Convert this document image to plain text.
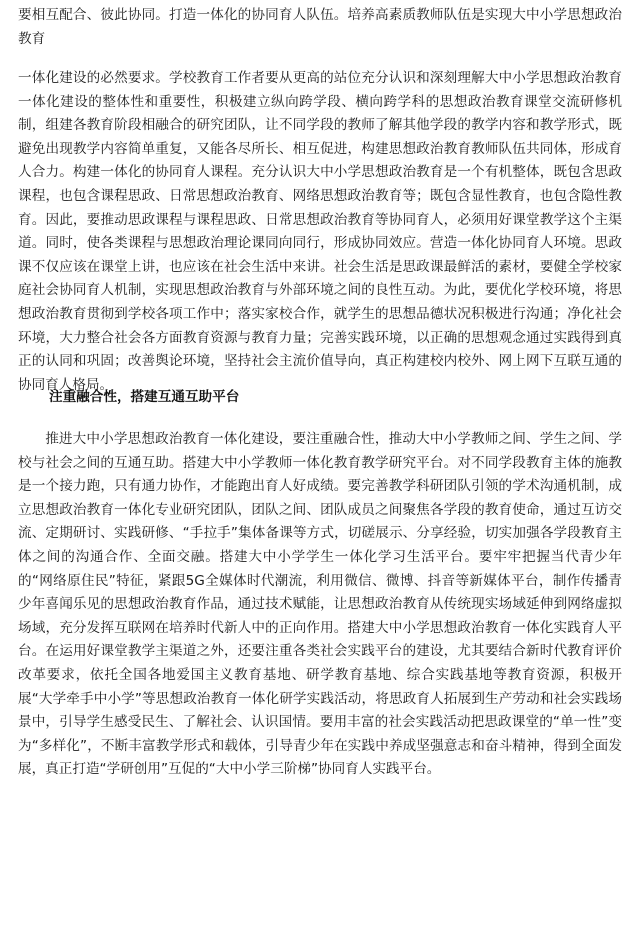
要相互配合、彼此协同。打造一体化的协同育人队伍。培养高素质教师队伍是实现大中小学思想政治教育

一体化建设的必然要求。学校教育工作者要从更高的站位充分认识和深刻理解大中小学思想政治教育一体化建设的整体性和重要性，积极建立纵向跨学段、横向跨学科的思想政治教育课堂交流研修机制，组建各教育阶段相融合的研究团队，让不同学段的教师了解其他学段的教学内容和教学形式，既避免出现教学内容简单重复，又能各尽所长、相互促进，构建思想政治教育教师队伍共同体，形成育人合力。构建一体化的协同育人课程。充分认识大中小学思想政治教育是一个有机整体，既包含思政课程，也包含课程思政、日常思想政治教育、网络思想政治教育等；既包含显性教育，也包含隐性教育。因此，要推动思政课程与课程思政、日常思想政治教育等协同育人，必须用好课堂教学这个主渠道。同时，使各类课程与思想政治理论课同向同行，形成协同效应。营造一体化协同育人环境。思政课不仅应该在课堂上讲，也应该在社会生活中来讲。社会生活是思政课最鲜活的素材，要健全学校家庭社会协同育人机制，实现思想政治教育与外部环境之间的良性互动。为此，要优化学校环境，将思想政治教育贯彻到学校各项工作中；落实家校合作，就学生的思想品德状况积极进行沟通；净化社会环境，大力整合社会各方面教育资源与教育力量；完善实践环境，以正确的思想观念通过实践得到真正的认同和巩固；改善舆论环境，坚持社会主流价值导向，真正构建校内校外、网上网下互联互通的协同育人格局。

注重融合性，搭建互通互助平台

推进大中小学思想政治教育一体化建设，要注重融合性，推动大中小学教师之间、学生之间、学校与社会之间的互通互助。搭建大中小学教师一体化教育教学研究平台。对不同学段教育主体的施教是一个接力跑，只有通力协作，才能跑出育人好成绩。要完善教学科研团队引领的学术沟通机制，成立思想政治教育一体化专业研究团队，团队之间、团队成员之间聚焦各学段的教育使命，通过互访交流、定期研讨、实践研修、“手拉手”集体备课等方式，切磋展示、分享经验，切实加强各学段教育主体之间的沟通合作、全面交融。搭建大中小学学生一体化学习生活平台。要牢牢把握当代青少年的“网络原住民”特征，紧跟5G全媒体时代潮流，利用微信、微博、抖音等新媒体平台，制作传播青少年喜闻乐见的思想政治教育作品，通过技术赋能，让思想政治教育从传统现实场域延伸到网络虚拟场域，充分发挥互联网在培养时代新人中的正向作用。搭建大中小学思想政治教育一体化实践育人平台。在运用好课堂教学主渠道之外，还要注重各类社会实践平台的建设，尤其要结合新时代教育评价改革要求，依托全国各地爱国主义教育基地、研学教育基地、综合实践基地等教育资源，积极开展“大学牵手中小学”等思想政治教育一体化研学实践活动，将思政育人拓展到生产劳动和社会实践场景中，引导学生感受民生、了解社会、认识国情。要用丰富的社会实践活动把思政课堂的“单一性”变为“多样化”，不断丰富教学形式和载体，引导青少年在实践中养成坚强意志和奋斗精神，得到全面发展，真正打造“学研创用”互促的“大中小学三阶梯”协同育人实践平台。
